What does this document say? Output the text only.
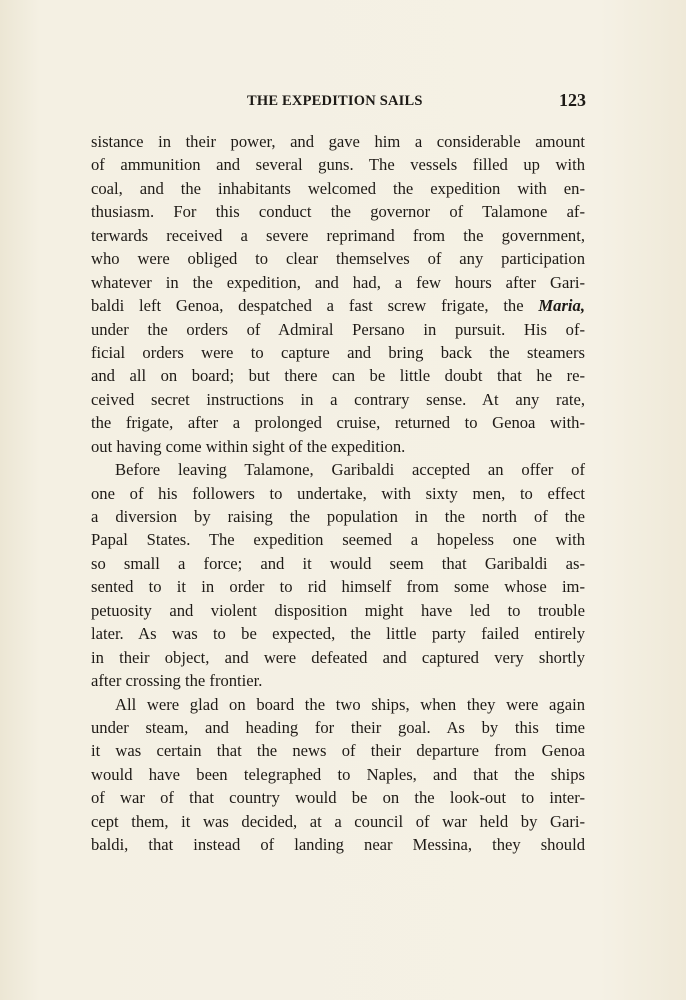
THE EXPEDITION SAILS	123
sistance in their power, and gave him a considerable amount
of ammunition and several guns. The vessels filled up with
coal, and the inhabitants welcomed the expedition with en-
thusiasm. For this conduct the governor of Talamone af-
terwards received a severe reprimand from the government,
who were obliged to clear themselves of any participation
whatever in the expedition, and had, a few hours after Gari-
baldi left Genoa, despatched a fast screw frigate, the Maria,
under the orders of Admiral Persano in pursuit. His of-
ficial orders were to capture and bring back the steamers
and all on board; but there can be little doubt that he re-
ceived secret instructions in a contrary sense. At any rate,
the frigate, after a prolonged cruise, returned to Genoa with-
out having come within sight of the expedition.
Before leaving Talamone, Garibaldi accepted an offer of
one of his followers to undertake, with sixty men, to effect
a diversion by raising the population in the north of the
Papal States. The expedition seemed a hopeless one with
so small a force; and it would seem that Garibaldi as-
sented to it in order to rid himself from some whose im-
petuosity and violent disposition might have led to trouble
later. As was to be expected, the little party failed entirely
in their object, and were defeated and captured very shortly
after crossing the frontier.
All were glad on board the two ships, when they were again
under steam, and heading for their goal. As by this time
it was certain that the news of their departure from Genoa
would have been telegraphed to Naples, and that the ships
of war of that country would be on the look-out to inter-
cept them, it was decided, at a council of war held by Gari-
baldi, that instead of landing near Messina, they should
